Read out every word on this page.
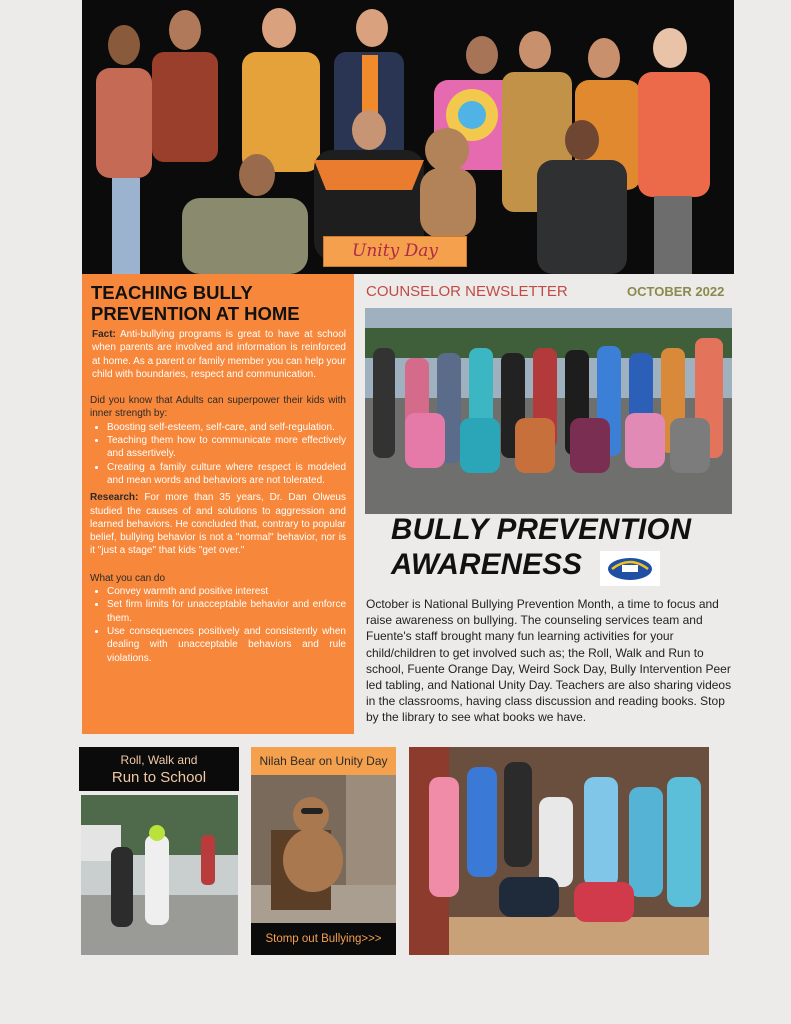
Unity Day
TEACHING BULLY
PREVENTION AT HOME

Fact: Anti-bullying programs is great to have at school when parents are involved and information is reinforced at home. As a parent or family member you can help your child with boundaries, respect and communication.

Did you know that Adults can superpower their kids with inner strength by:

• Boosting self-esteem, self-care, and self-regulation.
• Teaching them how to communicate more effectively and assertively.
• Creating a family culture where respect is modeled and mean words and behaviors are not tolerated.

Research: For more than 35 years, Dr. Dan Olweus studied the causes of and solutions to aggression and learned behaviors. He concluded that, contrary to popular belief, bullying behavior is not a "normal" behavior, nor is it "just a stage" that kids "get over."

What you can do

• Convey warmth and positive interest
• Set firm limits for unacceptable behavior and enforce them.
• Use consequences positively and consistently when dealing with unacceptable behaviors and rule violations.
COUNSELOR NEWSLETTER	OCTOBER 2022
BULLY PREVENTION
AWARENESS

October is National Bullying Prevention Month, a time to focus and raise awareness on bullying. The counseling services team and Fuente's staff brought many fun learning activities for your child/children to get involved such as; the Roll, Walk and Run to school, Fuente Orange Day, Weird Sock Day, Bully Intervention Peer led tabling, and National Unity Day. Teachers are also sharing videos in the classrooms, having class discussion and reading books. Stop by the library to see what books we have.

Roll, Walk and
Run to School
Nilah Bear on Unity Day
Stomp out Bullying>>>
